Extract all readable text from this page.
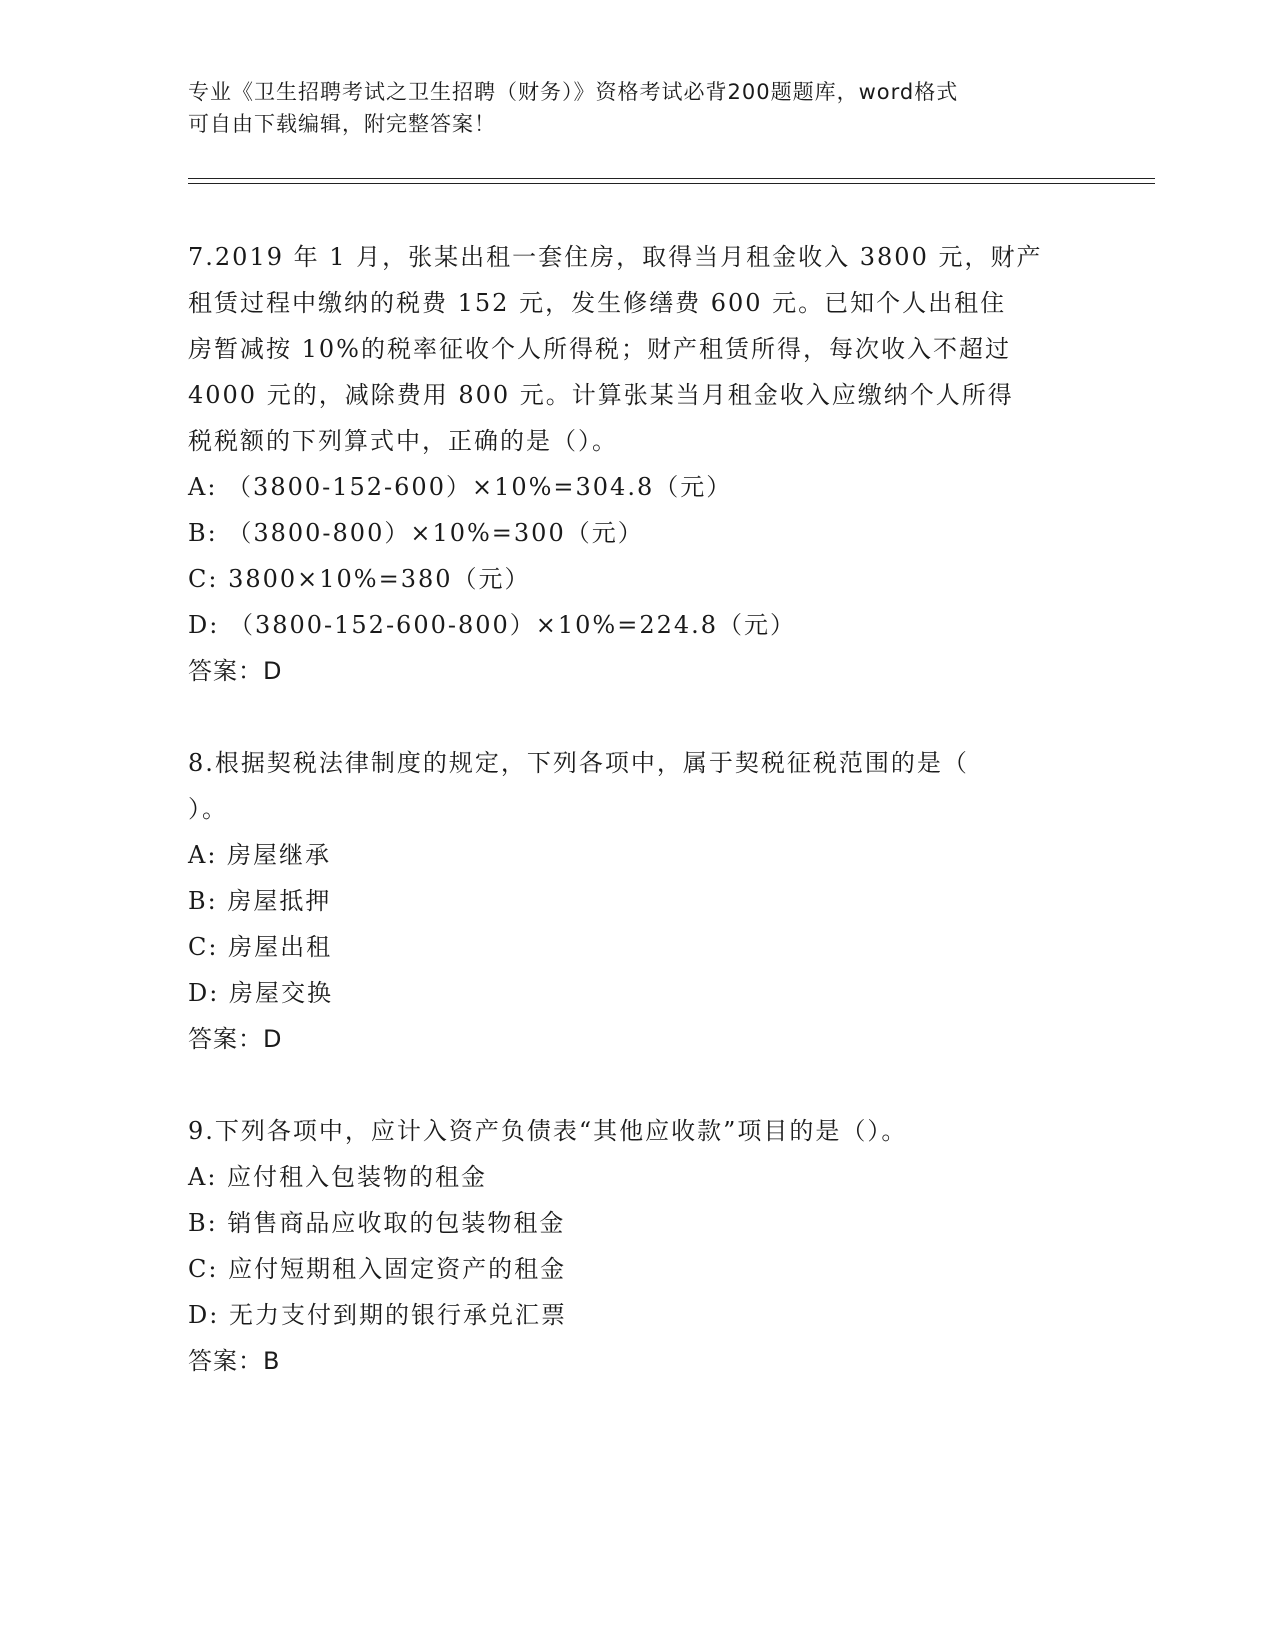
专业《卫生招聘考试之卫生招聘（财务）》资格考试必背200题题库，word格式
可自由下载编辑，附完整答案！

7.2019 年 1 月，张某出租一套住房，取得当月租金收入 3800 元，财产

租赁过程中缴纳的税费 152 元，发生修缮费 600 元。已知个人出租住

房暂减按 10%的税率征收个人所得税；财产租赁所得，每次收入不超过

4000 元的，减除费用 800 元。计算张某当月租金收入应缴纳个人所得

税税额的下列算式中，正确的是（）。

A: （3800-152-600）×10%=304.8（元）

B: （3800-800）×10%=300（元）

C: 3800×10%=380（元）

D: （3800-152-600-800）×10%=224.8（元）

答案：D

8.根据契税法律制度的规定，下列各项中，属于契税征税范围的是（

）。

A: 房屋继承

B: 房屋抵押

C: 房屋出租

D: 房屋交换

答案：D

9.下列各项中，应计入资产负债表“其他应收款”项目的是（）。

A: 应付租入包装物的租金

B: 销售商品应收取的包装物租金

C: 应付短期租入固定资产的租金

D: 无力支付到期的银行承兑汇票

答案：B
